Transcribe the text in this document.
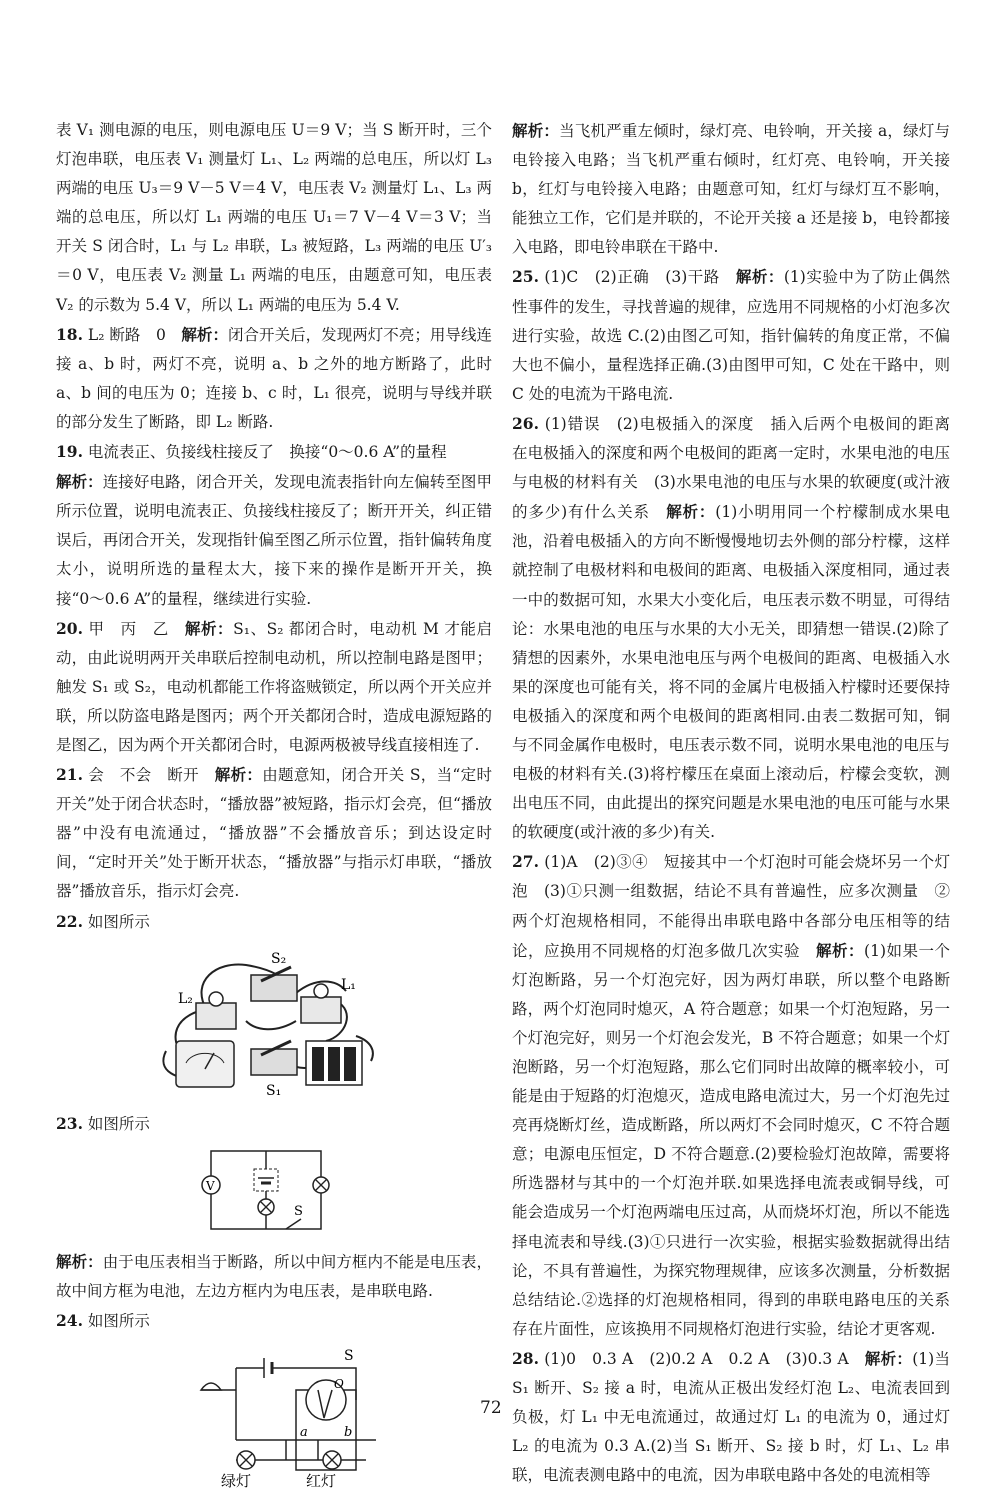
表 V₁ 测电源的电压，则电源电压 U＝9 V；当 S 断开时，三个灯泡串联，电压表 V₁ 测量灯 L₁、L₂ 两端的总电压，所以灯 L₃ 两端的电压 U₃＝9 V－5 V＝4 V，电压表 V₂ 测量灯 L₁、L₃ 两端的总电压，所以灯 L₁ 两端的电压 U₁＝7 V－4 V＝3 V；当开关 S 闭合时，L₁ 与 L₂ 串联，L₃ 被短路，L₃ 两端的电压 U′₃＝0 V，电压表 V₂ 测量 L₁ 两端的电压，由题意可知，电压表 V₂ 的示数为 5.4 V，所以 L₁ 两端的电压为 5.4 V.

18. L₂ 断路　0　解析：闭合开关后，发现两灯不亮；用导线连接 a、b 时，两灯不亮，说明 a、b 之外的地方断路了，此时 a、b 间的电压为 0；连接 b、c 时，L₁ 很亮，说明与导线并联的部分发生了断路，即 L₂ 断路.

19. 电流表正、负接线柱接反了　换接“0～0.6 A”的量程

解析：连接好电路，闭合开关，发现电流表指针向左偏转至图甲所示位置，说明电流表正、负接线柱接反了；断开开关，纠正错误后，再闭合开关，发现指针偏至图乙所示位置，指针偏转角度太小，说明所选的量程太大，接下来的操作是断开开关，换接“0～0.6 A”的量程，继续进行实验.

20. 甲　丙　乙　解析：S₁、S₂ 都闭合时，电动机 M 才能启动，由此说明两开关串联后控制电动机，所以控制电路是图甲；触发 S₁ 或 S₂，电动机都能工作将盗贼锁定，所以两个开关应并联，所以防盗电路是图丙；两个开关都闭合时，造成电源短路的是图乙，因为两个开关都闭合时，电源两极被导线直接相连了.

21. 会　不会　断开　解析：由题意知，闭合开关 S，当“定时开关”处于闭合状态时，“播放器”被短路，指示灯会亮，但“播放器”中没有电流通过，“播放器”不会播放音乐；到达设定时间，“定时开关”处于断开状态，“播放器”与指示灯串联，“播放器”播放音乐，指示灯会亮.

22. 如图所示

L₂
S₂
L₁
S₁

23. 如图所示

V
S

解析：由于电压表相当于断路，所以中间方框内不能是电压表，故中间方框为电池，左边方框内为电压表，是串联电路.

24. 如图所示

S
O
a	b
绿灯	红灯

解析：当飞机严重左倾时，绿灯亮、电铃响，开关接 a，绿灯与电铃接入电路；当飞机严重右倾时，红灯亮、电铃响，开关接 b，红灯与电铃接入电路；由题意可知，红灯与绿灯互不影响，能独立工作，它们是并联的，不论开关接 a 还是接 b，电铃都接入电路，即电铃串联在干路中.

25. (1)C　(2)正确　(3)干路　解析：(1)实验中为了防止偶然性事件的发生，寻找普遍的规律，应选用不同规格的小灯泡多次进行实验，故选 C.(2)由图乙可知，指针偏转的角度正常，不偏大也不偏小，量程选择正确.(3)由图甲可知，C 处在干路中，则 C 处的电流为干路电流.

26. (1)错误　(2)电极插入的深度　插入后两个电极间的距离　在电极插入的深度和两个电极间的距离一定时，水果电池的电压与电极的材料有关　(3)水果电池的电压与水果的软硬度(或汁液的多少)有什么关系　解析：(1)小明用同一个柠檬制成水果电池，沿着电极插入的方向不断慢慢地切去外侧的部分柠檬，这样就控制了电极材料和电极间的距离、电极插入深度相同，通过表一中的数据可知，水果大小变化后，电压表示数不明显，可得结论：水果电池的电压与水果的大小无关，即猜想一错误.(2)除了猜想的因素外，水果电池电压与两个电极间的距离、电极插入水果的深度也可能有关，将不同的金属片电极插入柠檬时还要保持电极插入的深度和两个电极间的距离相同.由表二数据可知，铜与不同金属作电极时，电压表示数不同，说明水果电池的电压与电极的材料有关.(3)将柠檬压在桌面上滚动后，柠檬会变软，测出电压不同，由此提出的探究问题是水果电池的电压可能与水果的软硬度(或汁液的多少)有关.

27. (1)A　(2)③④　短接其中一个灯泡时可能会烧坏另一个灯泡　(3)①只测一组数据，结论不具有普遍性，应多次测量　②两个灯泡规格相同，不能得出串联电路中各部分电压相等的结论，应换用不同规格的灯泡多做几次实验　解析：(1)如果一个灯泡断路，另一个灯泡完好，因为两灯串联，所以整个电路断路，两个灯泡同时熄灭，A 符合题意；如果一个灯泡短路，另一个灯泡完好，则另一个灯泡会发光，B 不符合题意；如果一个灯泡断路，另一个灯泡短路，那么它们同时出故障的概率较小，可能是由于短路的灯泡熄灭，造成电路电流过大，另一个灯泡先过亮再烧断灯丝，造成断路，所以两灯不会同时熄灭，C 不符合题意；电源电压恒定，D 不符合题意.(2)要检验灯泡故障，需要将所选器材与其中的一个灯泡并联.如果选择电流表或铜导线，可能会造成另一个灯泡两端电压过高，从而烧坏灯泡，所以不能选择电流表和导线.(3)①只进行一次实验，根据实验数据就得出结论，不具有普遍性，为探究物理规律，应该多次测量，分析数据总结结论.②选择的灯泡规格相同，得到的串联电路电压的关系存在片面性，应该换用不同规格灯泡进行实验，结论才更客观.

28. (1)0　0.3 A　(2)0.2 A　0.2 A　(3)0.3 A　解析：(1)当 S₁ 断开、S₂ 接 a 时，电流从正极出发经灯泡 L₂、电流表回到负极，灯 L₁ 中无电流通过，故通过灯 L₁ 的电流为 0，通过灯 L₂ 的电流为 0.3 A.(2)当 S₁ 断开、S₂ 接 b 时，灯 L₁、L₂ 串联，电流表测电路中的电流，因为串联电路中各处的电流相等

72
